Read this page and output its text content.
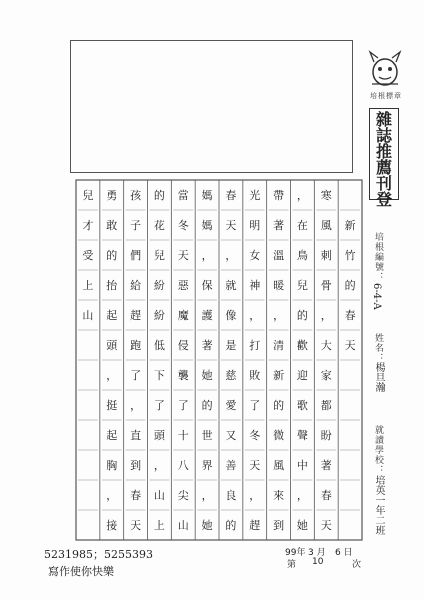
培根標章
雜
誌
推
薦
刊
登
新
竹
的
春
天
寒
風
刺
骨
，
大
家
都
盼
著
春
天
，
在
鳥
兒
的
歡
迎
歌
聲
中
，
她
帶
著
溫
暖
，
清
新
的
微
風
來
到
光
明
女
神
，
打
敗
了
冬
天
，
趕
春
天
，
就
像
是
慈
愛
又
善
良
的
媽
媽
，
保
護
著
她
的
世
界
，
她
當
冬
天
惡
魔
侵
襲
了
十
八
尖
山
的
花
兒
紛
紛
低
下
了
頭
，
山
上
孩
子
們
給
趕
跑
了
，
直
到
春
天
勇
敢
的
抬
起
頭
，
挺
起
胸
，
接
兒
才
受
上
山
培根編號：
6-4-A
姓名：
楊旦瀚
就讀學校：
培英一年二班
5231985；5255393
寫作使你快樂
99年 3 月 6 日
第 10	次
